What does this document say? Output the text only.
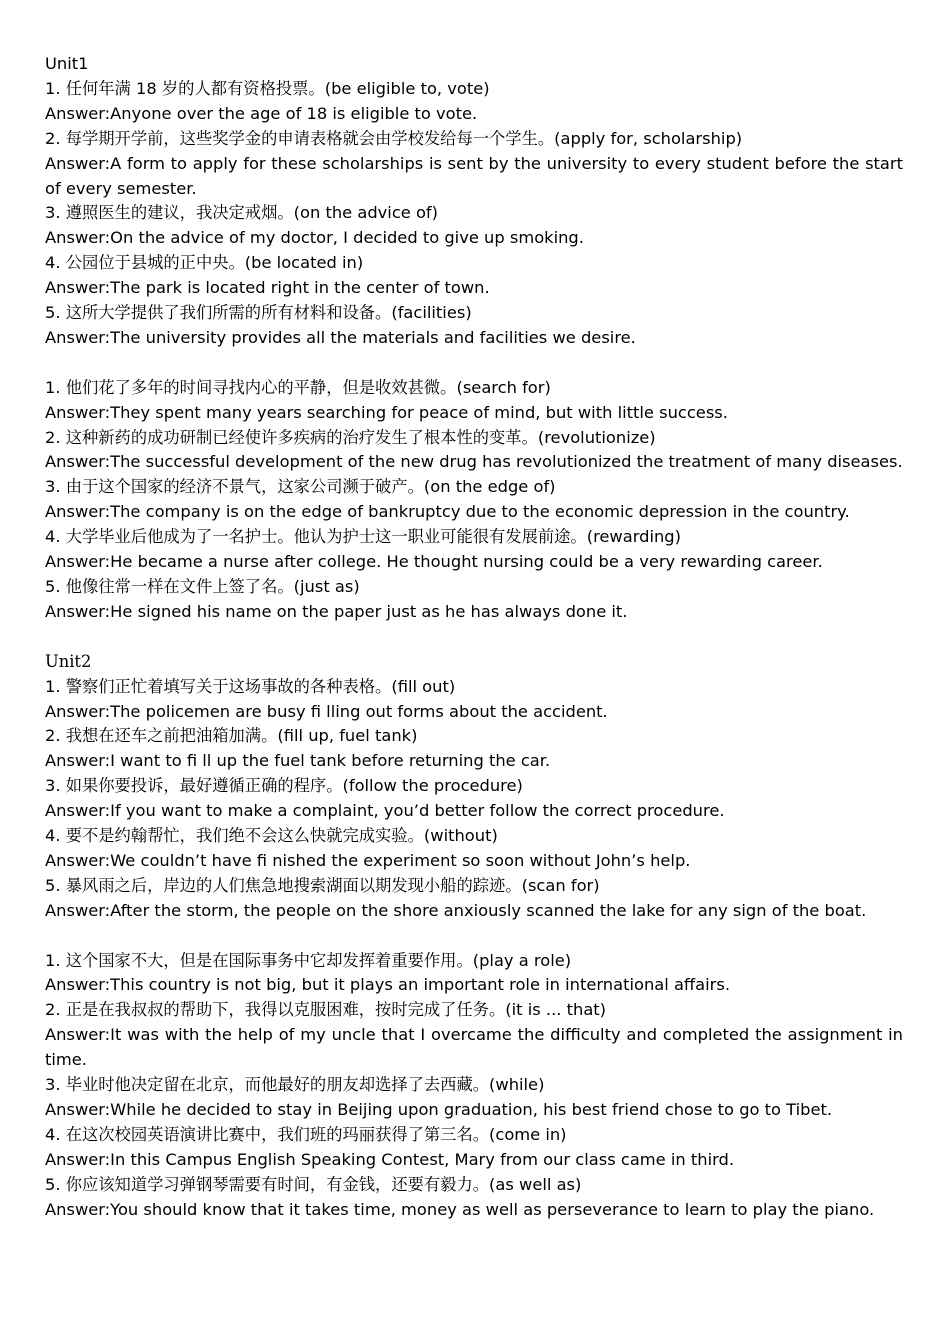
Unit1
1. 任何年满 18 岁的人都有资格投票。(be eligible to, vote)
Answer:Anyone over the age of 18 is eligible to vote.
2. 每学期开学前，这些奖学金的申请表格就会由学校发给每一个学生。(apply for, scholarship)
Answer:A form to apply for these scholarships is sent by the university to every student before the start of every semester.
3. 遵照医生的建议，我决定戒烟。(on the advice of)
Answer:On the advice of my doctor, I decided to give up smoking.
4. 公园位于县城的正中央。(be located in)
Answer:The park is located right in the center of town.
5. 这所大学提供了我们所需的所有材料和设备。(facilities)
Answer:The university provides all the materials and facilities we desire.
1. 他们花了多年的时间寻找内心的平静，但是收效甚微。(search for)
Answer:They spent many years searching for peace of mind, but with little success.
2. 这种新药的成功研制已经使许多疾病的治疗发生了根本性的变革。(revolutionize)
Answer:The successful development of the new drug has revolutionized the treatment of many diseases.
3. 由于这个国家的经济不景气，这家公司濒于破产。(on the edge of)
Answer:The company is on the edge of bankruptcy due to the economic depression in the country.
4. 大学毕业后他成为了一名护士。他认为护士这一职业可能很有发展前途。(rewarding)
Answer:He became a nurse after college. He thought nursing could be a very rewarding career.
5. 他像往常一样在文件上签了名。(just as)
Answer:He signed his name on the paper just as he has always done it.
Unit2
1. 警察们正忙着填写关于这场事故的各种表格。(fill out)
Answer:The policemen are busy fi lling out forms about the accident.
2. 我想在还车之前把油箱加满。(fill up, fuel tank)
Answer:I want to fi ll up the fuel tank before returning the car.
3. 如果你要投诉，最好遵循正确的程序。(follow the procedure)
Answer:If you want to make a complaint, you’d better follow the correct procedure.
4. 要不是约翰帮忙，我们绝不会这么快就完成实验。(without)
Answer:We couldn’t have fi nished the experiment so soon without John’s help.
5. 暴风雨之后，岸边的人们焦急地搜索湖面以期发现小船的踪迹。(scan for)
Answer:After the storm, the people on the shore anxiously scanned the lake for any sign of the boat.
1. 这个国家不大，但是在国际事务中它却发挥着重要作用。(play a role)
Answer:This country is not big, but it plays an important role in international affairs.
2. 正是在我叔叔的帮助下，我得以克服困难，按时完成了任务。(it is ... that)
Answer:It was with the help of my uncle that I overcame the difficulty and completed the assignment in time.
3. 毕业时他决定留在北京，而他最好的朋友却选择了去西藏。(while)
Answer:While he decided to stay in Beijing upon graduation, his best friend chose to go to Tibet.
4. 在这次校园英语演讲比赛中，我们班的玛丽获得了第三名。(come in)
Answer:In this Campus English Speaking Contest, Mary from our class came in third.
5. 你应该知道学习弹钢琴需要有时间，有金钱，还要有毅力。(as well as)
Answer:You should know that it takes time, money as well as perseverance to learn to play the piano.
